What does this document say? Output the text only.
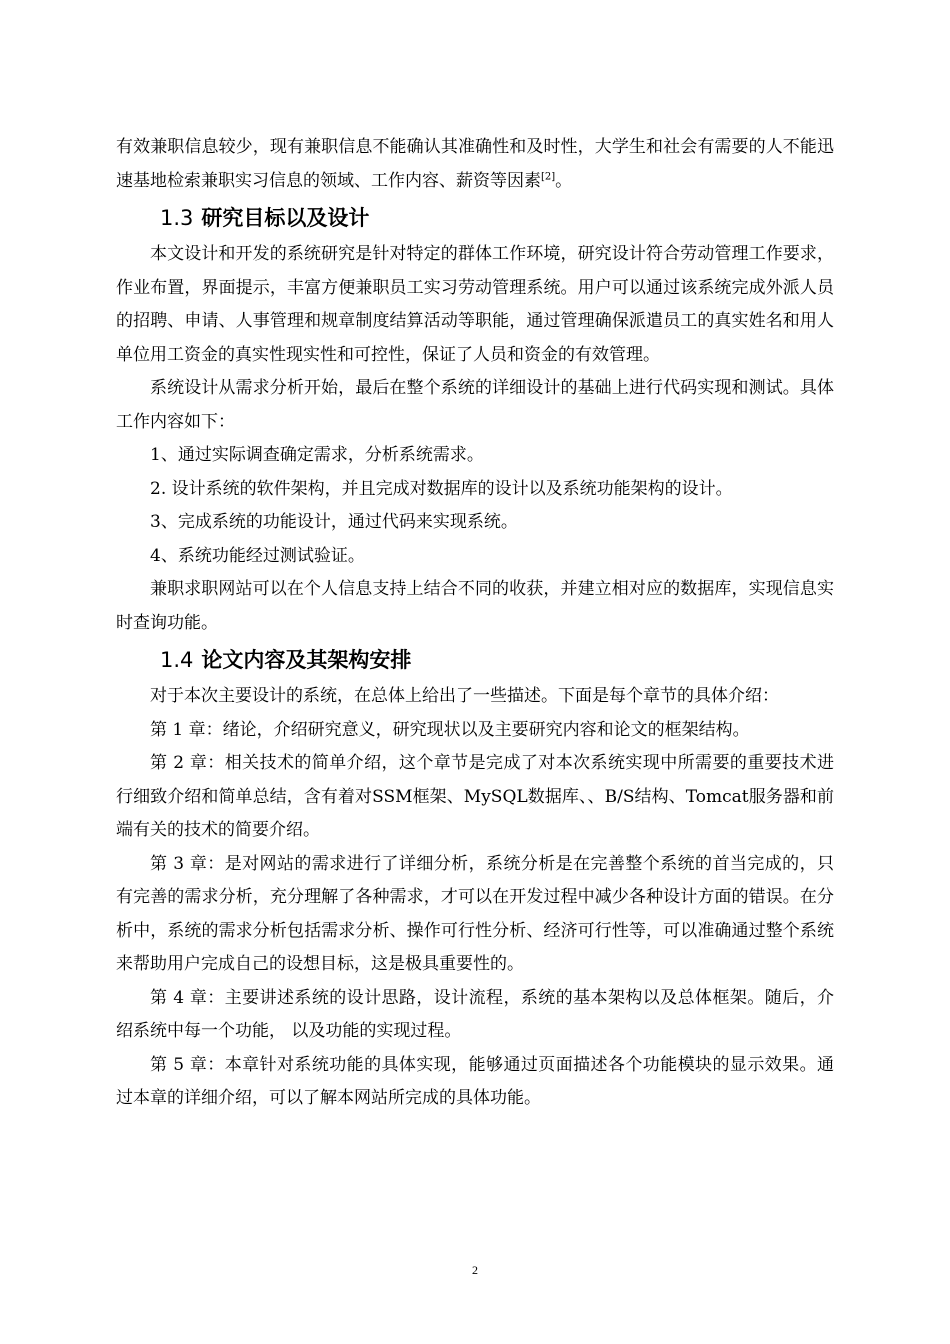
有效兼职信息较少，现有兼职信息不能确认其准确性和及时性，大学生和社会有需要的人不能迅速基地检索兼职实习信息的领域、工作内容、薪资等因素[2]。

1.3 研究目标以及设计

本文设计和开发的系统研究是针对特定的群体工作环境，研究设计符合劳动管理工作要求，作业布置，界面提示，丰富方便兼职员工实习劳动管理系统。用户可以通过该系统完成外派人员的招聘、申请、人事管理和规章制度结算活动等职能，通过管理确保派遣员工的真实姓名和用人单位用工资金的真实性现实性和可控性，保证了人员和资金的有效管理。

系统设计从需求分析开始，最后在整个系统的详细设计的基础上进行代码实现和测试。具体工作内容如下：

1、通过实际调查确定需求，分析系统需求。

2. 设计系统的软件架构，并且完成对数据库的设计以及系统功能架构的设计。

3、完成系统的功能设计，通过代码来实现系统。

4、系统功能经过测试验证。

兼职求职网站可以在个人信息支持上结合不同的收获，并建立相对应的数据库，实现信息实时查询功能。

1.4 论文内容及其架构安排

对于本次主要设计的系统，在总体上给出了一些描述。下面是每个章节的具体介绍：

第 1 章：绪论，介绍研究意义，研究现状以及主要研究内容和论文的框架结构。

第 2 章：相关技术的简单介绍，这个章节是完成了对本次系统实现中所需要的重要技术进行细致介绍和简单总结，含有着对SSM框架、MySQL数据库、、B/S结构、Tomcat服务器和前端有关的技术的简要介绍。

第 3 章：是对网站的需求进行了详细分析，系统分析是在完善整个系统的首当完成的，只有完善的需求分析，充分理解了各种需求，才可以在开发过程中减少各种设计方面的错误。在分析中，系统的需求分析包括需求分析、操作可行性分析、经济可行性等，可以准确通过整个系统来帮助用户完成自己的设想目标，这是极具重要性的。

第 4 章：主要讲述系统的设计思路，设计流程，系统的基本架构以及总体框架。随后，介绍系统中每一个功能， 以及功能的实现过程。

第 5 章：本章针对系统功能的具体实现，能够通过页面描述各个功能模块的显示效果。通过本章的详细介绍，可以了解本网站所完成的具体功能。

2
